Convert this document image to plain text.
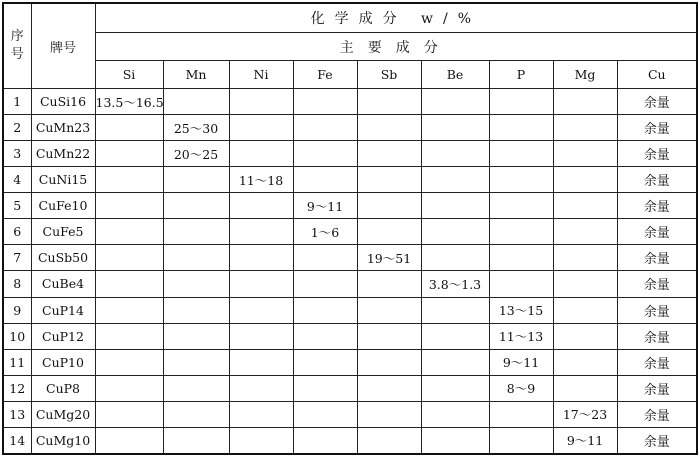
序号	牌号	化学成分 w/%								
		主要成分								
		Si	Mn	Ni	Fe	Sb	Be	P	Mg	Cu
1	CuSi16	13.5～16.5								余量
2	CuMn23		25～30							余量
3	CuMn22		20～25							余量
4	CuNi15			11～18						余量
5	CuFe10				9～11					余量
6	CuFe5				1～6					余量
7	CuSb50					19～51				余量
8	CuBe4						3.8～1.3			余量
9	CuP14							13～15		余量
10	CuP12							11～13		余量
11	CuP10							9～11		余量
12	CuP8							8～9		余量
13	CuMg20								17～23	余量
14	CuMg10								9～11	余量
